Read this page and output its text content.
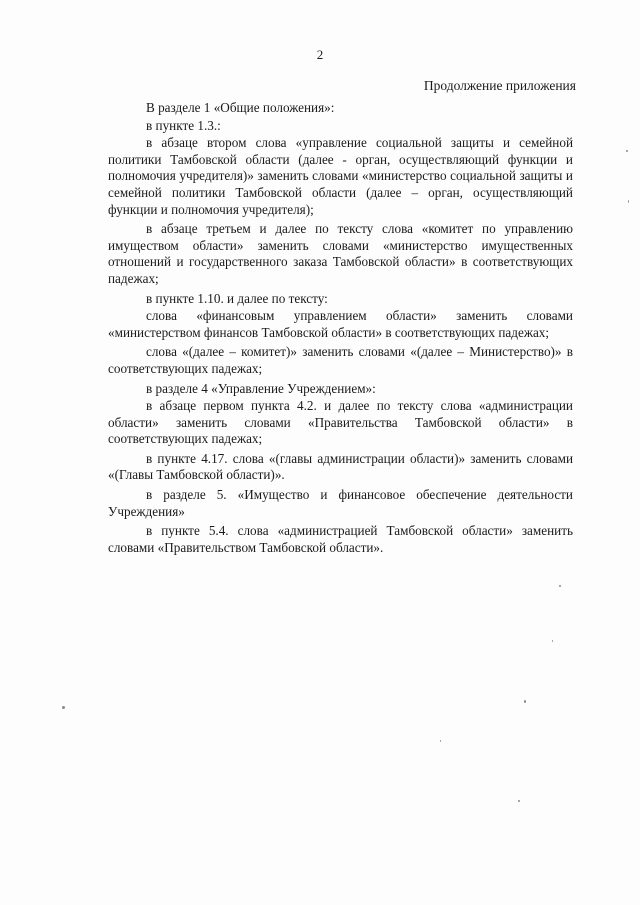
2
Продолжение приложения

В разделе 1 «Общие положения»:

в пункте 1.3.:

в абзаце втором слова «управление социальной защиты и семейной политики Тамбовской области (далее - орган, осуществляющий функции и полномочия учредителя)» заменить словами «министерство социальной защиты и семейной политики Тамбовской области (далее – орган, осуществляющий функции и полномочия учредителя);

в абзаце третьем и далее по тексту слова «комитет по управлению имуществом области» заменить словами «министерство имущественных отношений и государственного заказа Тамбовской области» в соответствующих падежах;

в пункте 1.10. и далее по тексту:

слова «финансовым управлением области» заменить словами «министерством финансов Тамбовской области» в соответствующих падежах;

слова «(далее – комитет)» заменить словами «(далее – Министерство)» в соответствующих падежах;

в разделе 4 «Управление Учреждением»:

в абзаце первом пункта 4.2. и далее по тексту слова «администрации области» заменить словами «Правительства Тамбовской области» в соответствующих падежах;

в пункте 4.17. слова «(главы администрации области)» заменить словами «(Главы Тамбовской области)».

в разделе 5. «Имущество и финансовое обеспечение деятельности Учреждения»

в пункте 5.4. слова «администрацией Тамбовской области» заменить словами «Правительством Тамбовской области».
